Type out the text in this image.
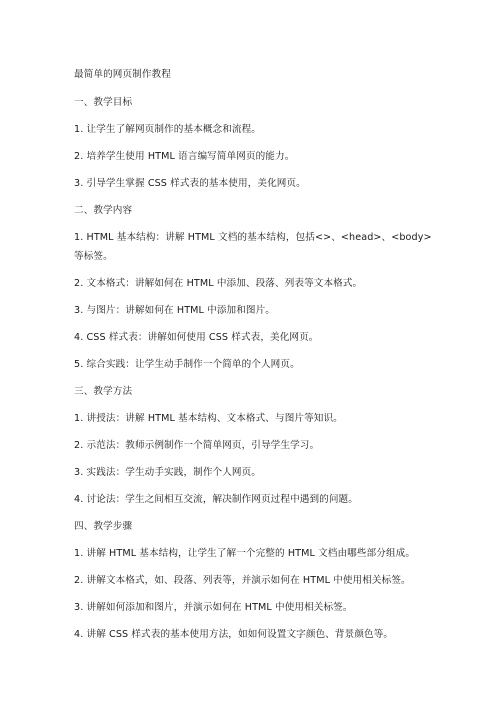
最简单的网页制作教程
一、教学目标
1. 让学生了解网页制作的基本概念和流程。
2. 培养学生使用 HTML 语言编写简单网页的能力。
3. 引导学生掌握 CSS 样式表的基本使用，美化网页。
二、教学内容
1. HTML 基本结构：讲解 HTML 文档的基本结构，包括<>、<head>、<body>
等标签。
2. 文本格式：讲解如何在 HTML 中添加、段落、列表等文本格式。
3. 与图片：讲解如何在 HTML 中添加和图片。
4. CSS 样式表：讲解如何使用 CSS 样式表，美化网页。
5. 综合实践：让学生动手制作一个简单的个人网页。
三、教学方法
1. 讲授法：讲解 HTML 基本结构、文本格式、与图片等知识。
2. 示范法：教师示例制作一个简单网页，引导学生学习。
3. 实践法：学生动手实践，制作个人网页。
4. 讨论法：学生之间相互交流，解决制作网页过程中遇到的问题。
四、教学步骤
1. 讲解 HTML 基本结构，让学生了解一个完整的 HTML 文档由哪些部分组成。
2. 讲解文本格式，如、段落、列表等，并演示如何在 HTML 中使用相关标签。
3. 讲解如何添加和图片，并演示如何在 HTML 中使用相关标签。
4. 讲解 CSS 样式表的基本使用方法，如如何设置文字颜色、背景颜色等。
